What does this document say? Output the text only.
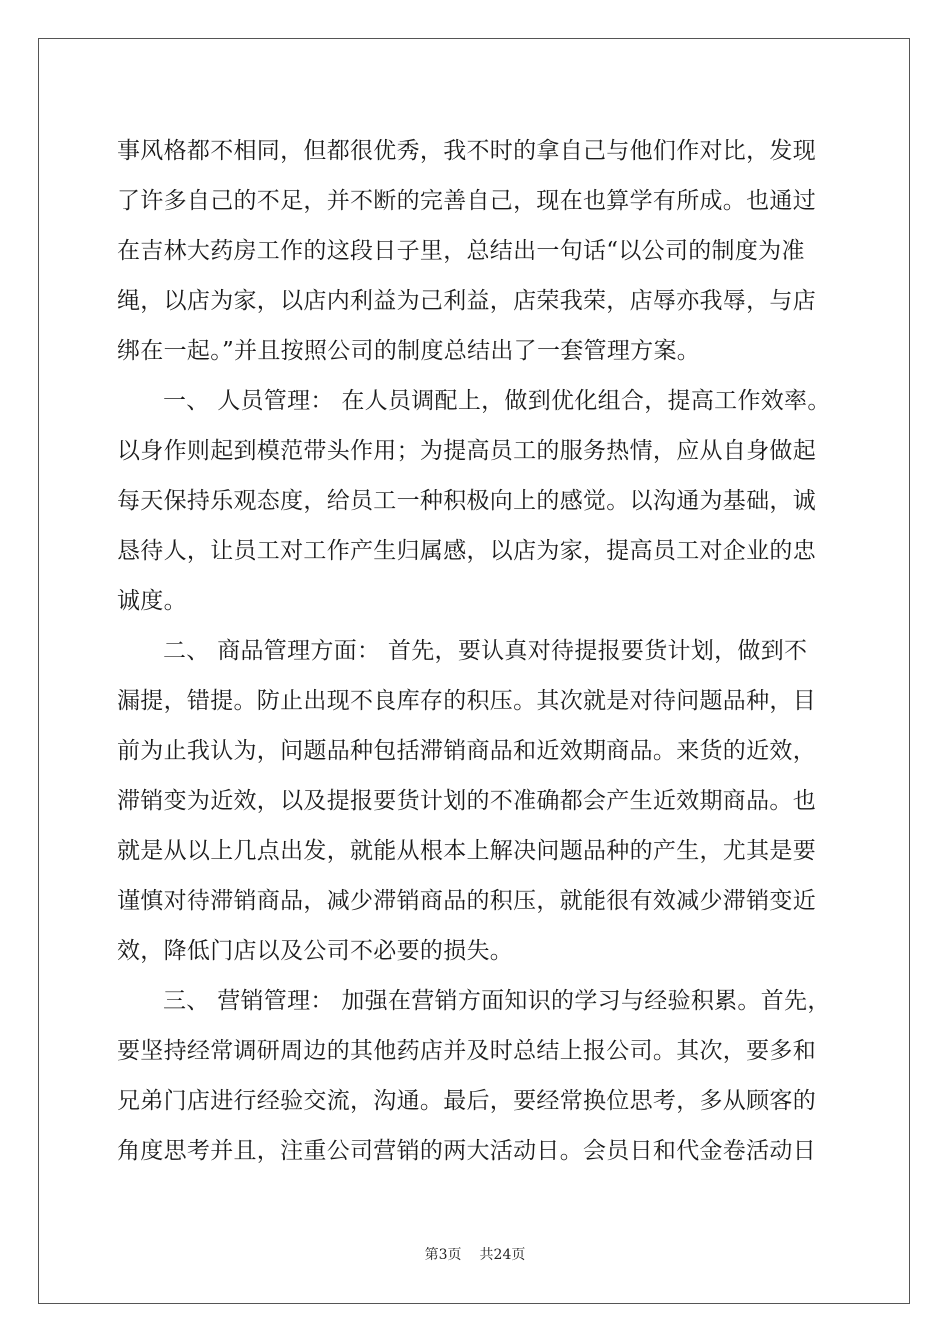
事风格都不相同，但都很优秀，我不时的拿自己与他们作对比，发现
了许多自己的不足，并不断的完善自己，现在也算学有所成。也通过
在吉林大药房工作的这段日子里，总结出一句话“以公司的制度为准
绳，以店为家，以店内利益为己利益，店荣我荣，店辱亦我辱，与店
绑在一起。”并且按照公司的制度总结出了一套管理方案。
一、 人员管理： 在人员调配上，做到优化组合，提高工作效率。
以身作则起到模范带头作用；为提高员工的服务热情，应从自身做起
每天保持乐观态度，给员工一种积极向上的感觉。以沟通为基础，诚
恳待人，让员工对工作产生归属感，以店为家，提高员工对企业的忠
诚度。
二、 商品管理方面： 首先，要认真对待提报要货计划，做到不
漏提，错提。防止出现不良库存的积压。其次就是对待问题品种，目
前为止我认为，问题品种包括滞销商品和近效期商品。来货的近效，
滞销变为近效，以及提报要货计划的不准确都会产生近效期商品。也
就是从以上几点出发，就能从根本上解决问题品种的产生，尤其是要
谨慎对待滞销商品，减少滞销商品的积压，就能很有效减少滞销变近
效，降低门店以及公司不必要的损失。
三、 营销管理： 加强在营销方面知识的学习与经验积累。首先，
要坚持经常调研周边的其他药店并及时总结上报公司。其次，要多和
兄弟门店进行经验交流，沟通。最后，要经常换位思考，多从顾客的
角度思考并且，注重公司营销的两大活动日。会员日和代金卷活动日
第3页 共24页
